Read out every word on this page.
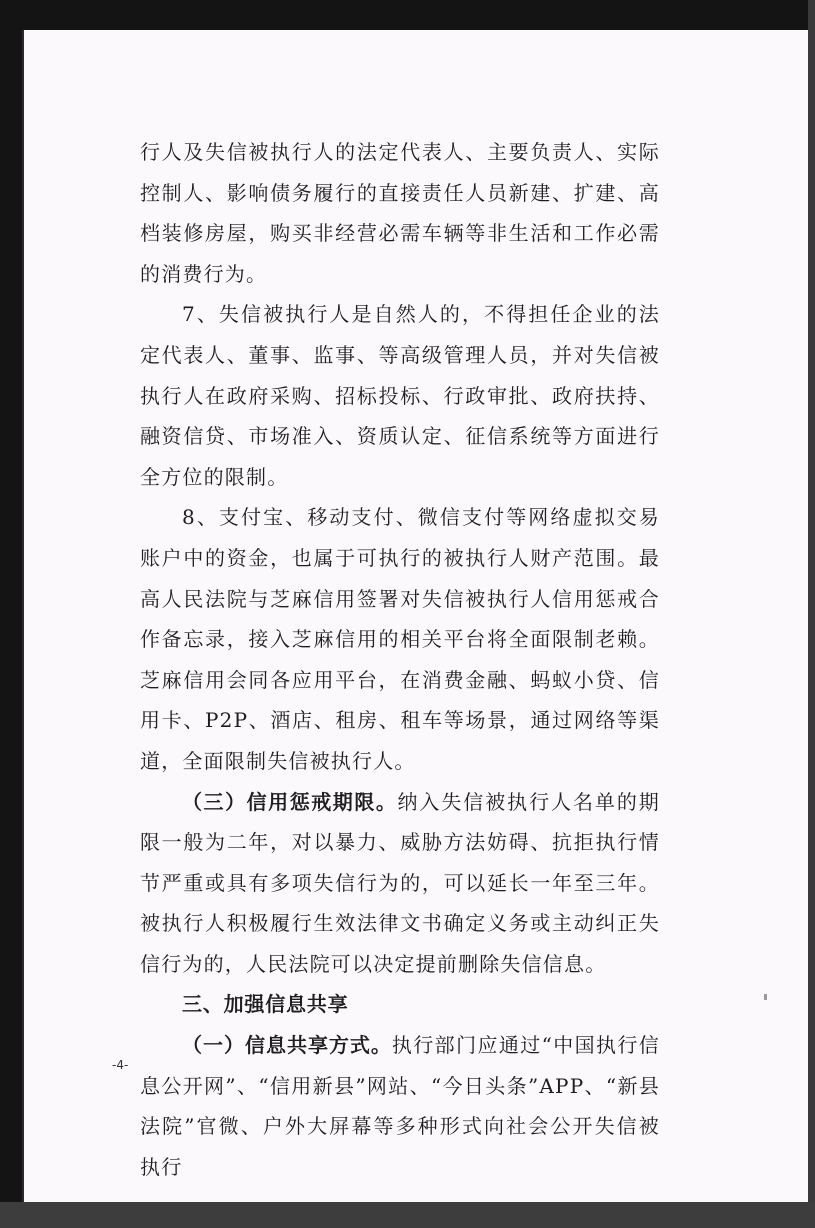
行人及失信被执行人的法定代表人、主要负责人、实际控制人、影响债务履行的直接责任人员新建、扩建、高档装修房屋，购买非经营必需车辆等非生活和工作必需的消费行为。

7、失信被执行人是自然人的，不得担任企业的法定代表人、董事、监事、等高级管理人员，并对失信被执行人在政府采购、招标投标、行政审批、政府扶持、融资信贷、市场准入、资质认定、征信系统等方面进行全方位的限制。

8、支付宝、移动支付、微信支付等网络虚拟交易账户中的资金，也属于可执行的被执行人财产范围。最高人民法院与芝麻信用签署对失信被执行人信用惩戒合作备忘录，接入芝麻信用的相关平台将全面限制老赖。芝麻信用会同各应用平台，在消费金融、蚂蚁小贷、信用卡、P2P、酒店、租房、租车等场景，通过网络等渠道，全面限制失信被执行人。

（三）信用惩戒期限。纳入失信被执行人名单的期限一般为二年，对以暴力、威胁方法妨碍、抗拒执行情节严重或具有多项失信行为的，可以延长一年至三年。被执行人积极履行生效法律文书确定义务或主动纠正失信行为的，人民法院可以决定提前删除失信信息。

三、加强信息共享

（一）信息共享方式。执行部门应通过“中国执行信息公开网”、“信用新县”网站、“今日头条”APP、“新县法院”官微、户外大屏幕等多种形式向社会公开失信被执行

-4-
